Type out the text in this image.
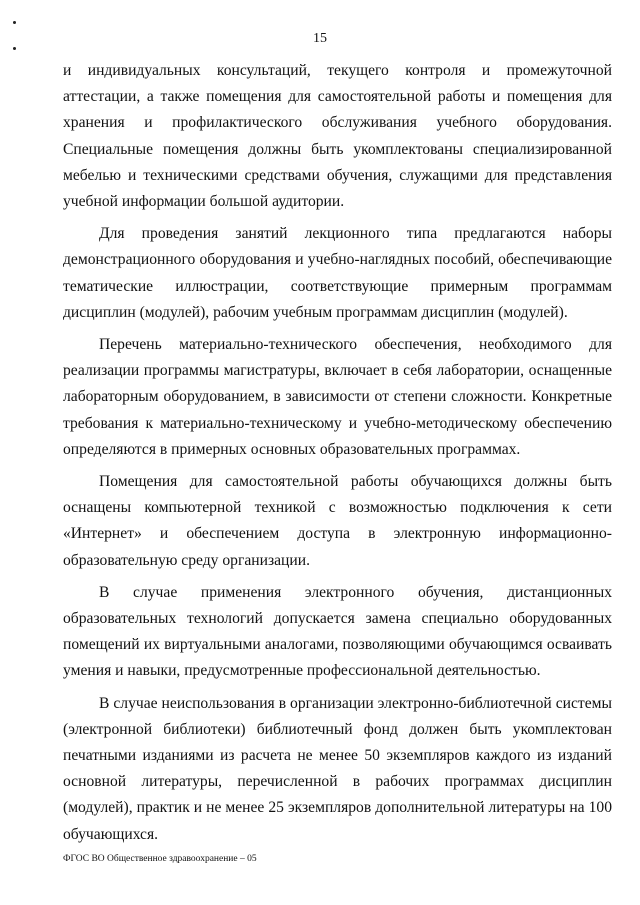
15

и индивидуальных консультаций, текущего контроля и промежуточной аттестации, а также помещения для самостоятельной работы и помещения для хранения и профилактического обслуживания учебного оборудования. Специальные помещения должны быть укомплектованы специализированной мебелью и техническими средствами обучения, служащими для представления учебной информации большой аудитории.

Для проведения занятий лекционного типа предлагаются наборы демонстрационного оборудования и учебно-наглядных пособий, обеспечивающие тематические иллюстрации, соответствующие примерным программам дисциплин (модулей), рабочим учебным программам дисциплин (модулей).

Перечень материально-технического обеспечения, необходимого для реализации программы магистратуры, включает в себя лаборатории, оснащенные лабораторным оборудованием, в зависимости от степени сложности. Конкретные требования к материально-техническому и учебно-методическому обеспечению определяются в примерных основных образовательных программах.

Помещения для самостоятельной работы обучающихся должны быть оснащены компьютерной техникой с возможностью подключения к сети «Интернет» и обеспечением доступа в электронную информационно-образовательную среду организации.

В случае применения электронного обучения, дистанционных образовательных технологий допускается замена специально оборудованных помещений их виртуальными аналогами, позволяющими обучающимся осваивать умения и навыки, предусмотренные профессиональной деятельностью.

В случае неиспользования в организации электронно-библиотечной системы (электронной библиотеки) библиотечный фонд должен быть укомплектован печатными изданиями из расчета не менее 50 экземпляров каждого из изданий основной литературы, перечисленной в рабочих программах дисциплин (модулей), практик и не менее 25 экземпляров дополнительной литературы на 100 обучающихся.

ФГОС ВО Общественное здравоохранение – 05
